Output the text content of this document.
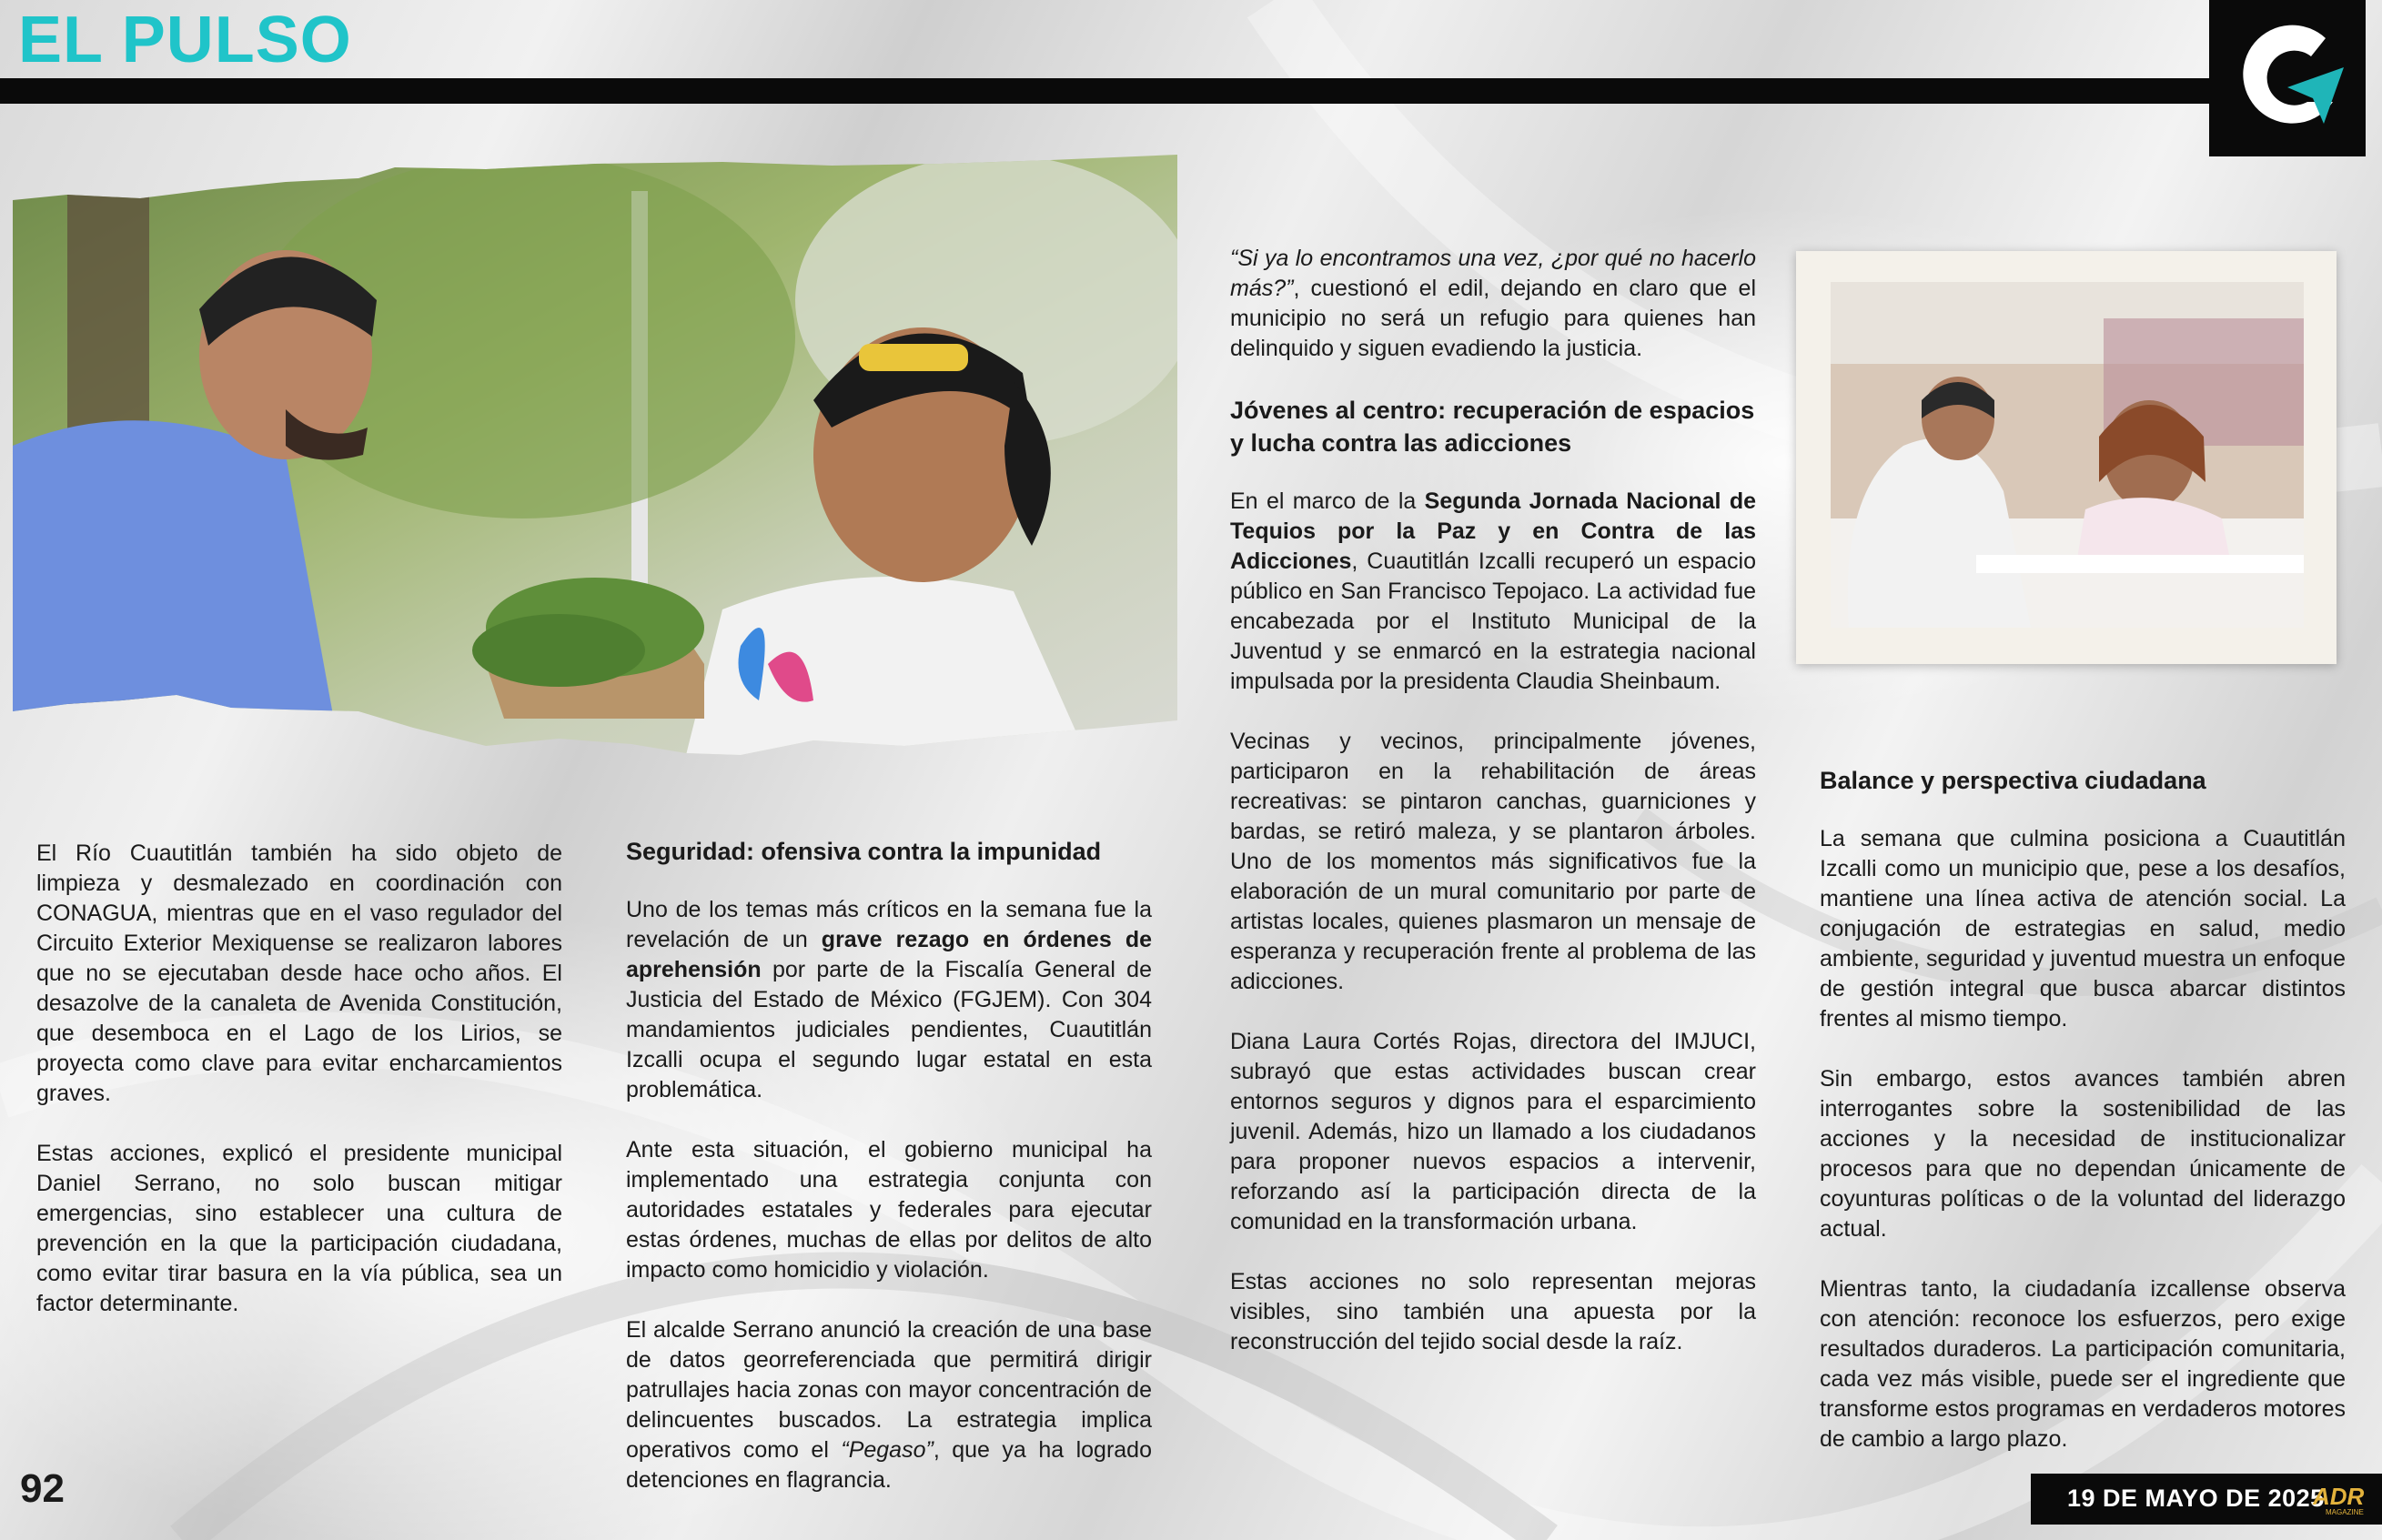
EL PULSO

El Río Cuautitlán también ha sido objeto de limpieza y desmalezado en coordinación con CONAGUA, mientras que en el vaso regulador del Circuito Exterior Mexiquense se realizaron labores que no se ejecutaban desde hace ocho años. El desazolve de la canaleta de Avenida Constitución, que desemboca en el Lago de los Lirios, se proyecta como clave para evitar encharcamientos graves.

Estas acciones, explicó el presidente municipal Daniel Serrano, no solo buscan mitigar emergencias, sino establecer una cultura de prevención en la que la participación ciudadana, como evitar tirar basura en la vía pública, sea un factor determinante.

Seguridad: ofensiva contra la impunidad

Uno de los temas más críticos en la semana fue la revelación de un grave rezago en órdenes de aprehensión por parte de la Fiscalía General de Justicia del Estado de México (FGJEM). Con 304 mandamientos judiciales pendientes, Cuautitlán Izcalli ocupa el segundo lugar estatal en esta problemática.

Ante esta situación, el gobierno municipal ha implementado una estrategia conjunta con autoridades estatales y federales para ejecutar estas órdenes, muchas de ellas por delitos de alto impacto como homicidio y violación.

El alcalde Serrano anunció la creación de una base de datos georreferenciada que permitirá dirigir patrullajes hacia zonas con mayor concentración de delincuentes buscados. La estrategia implica operativos como el “Pegaso”, que ya ha logrado detenciones en flagrancia.

“Si ya lo encontramos una vez, ¿por qué no hacerlo más?”, cuestionó el edil, dejando en claro que el municipio no será un refugio para quienes han delinquido y siguen evadiendo la justicia.

Jóvenes al centro: recuperación de espacios y lucha contra las adicciones

En el marco de la Segunda Jornada Nacional de Tequios por la Paz y en Contra de las Adicciones, Cuautitlán Izcalli recuperó un espacio público en San Francisco Tepojaco. La actividad fue encabezada por el Instituto Municipal de la Juventud y se enmarcó en la estrategia nacional impulsada por la presidenta Claudia Sheinbaum.

Vecinas y vecinos, principalmente jóvenes, participaron en la rehabilitación de áreas recreativas: se pintaron canchas, guarniciones y bardas, se retiró maleza, y se plantaron árboles. Uno de los momentos más significativos fue la elaboración de un mural comunitario por parte de artistas locales, quienes plasmaron un mensaje de esperanza y recuperación frente al problema de las adicciones.

Diana Laura Cortés Rojas, directora del IMJUCI, subrayó que estas actividades buscan crear entornos seguros y dignos para el esparcimiento juvenil. Además, hizo un llamado a los ciudadanos para proponer nuevos espacios a intervenir, reforzando así la participación directa de la comunidad en la transformación urbana.

Estas acciones no solo representan mejoras visibles, sino también una apuesta por la reconstrucción del tejido social desde la raíz.

Balance y perspectiva ciudadana

La semana que culmina posiciona a Cuautitlán Izcalli como un municipio que, pese a los desafíos, mantiene una línea activa de atención social. La conjugación de estrategias en salud, medio ambiente, seguridad y juventud muestra un enfoque de gestión integral que busca abarcar distintos frentes al mismo tiempo.

Sin embargo, estos avances también abren interrogantes sobre la sostenibilidad de las acciones y la necesidad de institucionalizar procesos para que no dependan únicamente de coyunturas políticas o de la voluntad del liderazgo actual.

Mientras tanto, la ciudadanía izcallense observa con atención: reconoce los esfuerzos, pero exige resultados duraderos. La participación comunitaria, cada vez más visible, puede ser el ingrediente que transforme estos programas en verdaderos motores de cambio a largo plazo.

92	19 DE MAYO DE 2025
ADR
MAGAZINE
